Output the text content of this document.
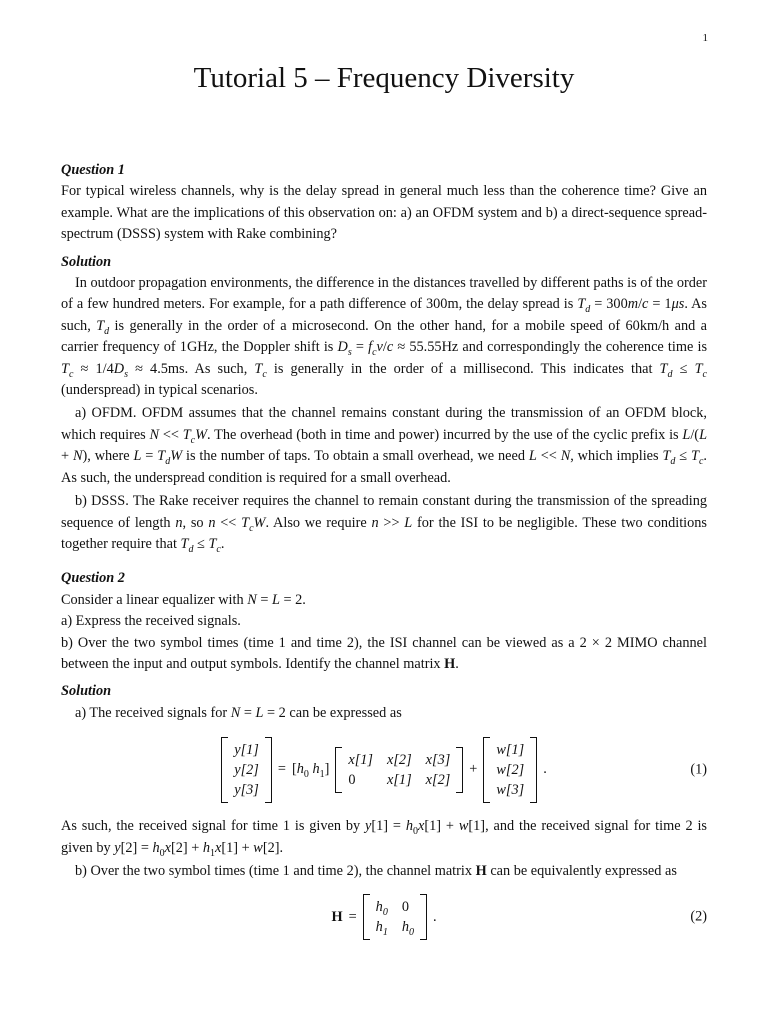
1
Tutorial 5 – Frequency Diversity

Question 1

For typical wireless channels, why is the delay spread in general much less than the coherence time? Give an example. What are the implications of this observation on: a) an OFDM system and b) a direct-sequence spread-spectrum (DSSS) system with Rake combining?

Solution

In outdoor propagation environments, the difference in the distances travelled by different paths is of the order of a few hundred meters. For example, for a path difference of 300m, the delay spread is $T_d = 300m/c = 1\mu s$. As such, $T_d$ is generally in the order of a microsecond. On the other hand, for a mobile speed of 60km/h and a carrier frequency of 1GHz, the Doppler shift is $D_s = f_cv/c \approx 55.55Hz$ and correspondingly the coherence time is $T_c \approx 1/4D_s \approx 4.5ms$. As such, $T_c$ is generally in the order of a millisecond. This indicates that $T_d \le T_c$ (underspread) in typical scenarios.

a) OFDM. OFDM assumes that the channel remains constant during the transmission of an OFDM block, which requires $N << T_cW$. The overhead (both in time and power) incurred by the use of the cyclic prefix is L/(L + N), where $L = T_dW$ is the number of taps. To obtain a small overhead, we need L << N, which implies $T_d \le T_c$. As such, the underspread condition is required for a small overhead.

b) DSSS. The Rake receiver requires the channel to remain constant during the transmission of the spreading sequence of length n, so $n << T_cW$. Also we require n >> L for the ISI to be negligible. These two conditions together require that $T_d \le T_c$.

Question 2

Consider a linear equalizer with N = L = 2.

a) Express the received signals.

b) Over the two symbol times (time 1 and time 2), the ISI channel can be viewed as a 2 × 2 MIMO channel between the input and output symbols. Identify the channel matrix H.

Solution

a) The received signals for N = L = 2 can be expressed as

y[1]
y[2]
y[3]
= [$h_0$ $h_1$]
x[1] x[2] x[3]
0	x[1] x[2]
+
w[1]
w[2]
w[3]
.	(1)

As such, the received signal for time 1 is given by $y[1] = h_0x[1] + w[1]$, and the received signal for time 2 is given by $y[2] = h_0x[2] + h_1x[1] + w[2]$.

b) Over the two symbol times (time 1 and time 2), the channel matrix H can be equivalently expressed as

H =
$h_0$ 0
$h_1$ $h_0$
.	(2)
